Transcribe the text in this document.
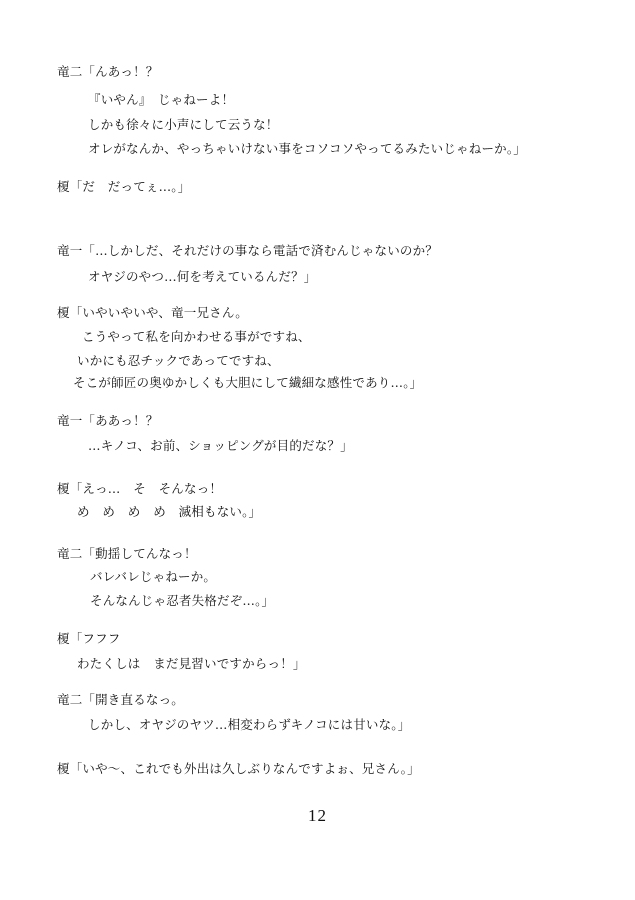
竜二「んあっ！？
『いやん』　じゃねーよ！
しかも徐々に小声にして云うな！
オレがなんか、やっちゃいけない事をコソコソやってるみたいじゃねーか。」
榎「だ　だってぇ…。」
竜一「…しかしだ、それだけの事なら電話で済むんじゃないのか？
オヤジのやつ…何を考えているんだ？」
榎「いやいやいや、竜一兄さん。
こうやって私を向かわせる事がですね、
いかにも忍チックであってですね、
そこが師匠の奥ゆかしくも大胆にして繊細な感性であり…。」
竜一「ああっ！？
…キノコ、お前、ショッピングが目的だな？」
榎「えっ…　そ　そんなっ！
め　め　め　め　滅相もない。」
竜二「動揺してんなっ！
バレバレじゃねーか。
そんなんじゃ忍者失格だぞ…。」
榎「フフフ
わたくしは　まだ見習いですからっ！」
竜二「開き直るなっ。
しかし、オヤジのヤツ…相変わらずキノコには甘いな。」
榎「いや〜、これでも外出は久しぶりなんですよぉ、兄さん。」
12
